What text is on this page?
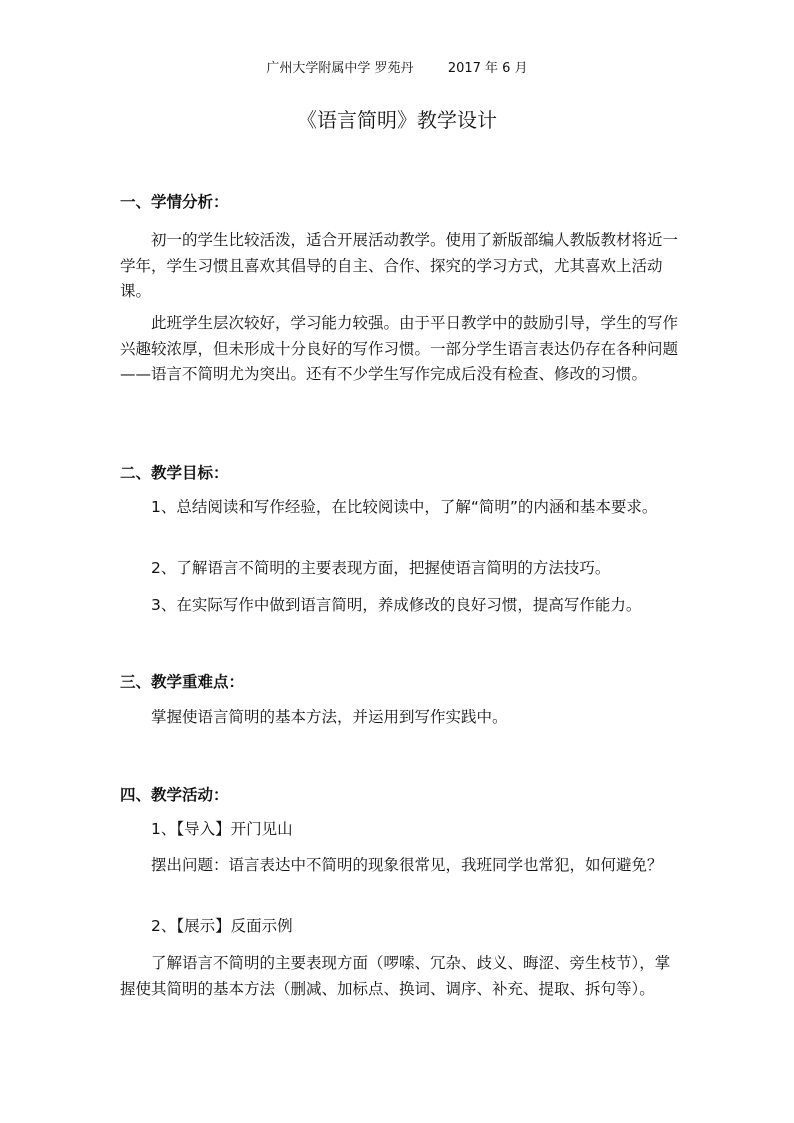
广州大学附属中学 罗苑丹	2017 年 6 月
《语言简明》教学设计
一、学情分析：
初一的学生比较活泼，适合开展活动教学。使用了新版部编人教版教材将近一学年，学生习惯且喜欢其倡导的自主、合作、探究的学习方式，尤其喜欢上活动课。
此班学生层次较好，学习能力较强。由于平日教学中的鼓励引导，学生的写作兴趣较浓厚，但未形成十分良好的写作习惯。一部分学生语言表达仍存在各种问题——语言不简明尤为突出。还有不少学生写作完成后没有检查、修改的习惯。
二、教学目标：
1、总结阅读和写作经验，在比较阅读中，了解“简明”的内涵和基本要求。
2、了解语言不简明的主要表现方面，把握使语言简明的方法技巧。
3、在实际写作中做到语言简明，养成修改的良好习惯，提高写作能力。
三、教学重难点：
掌握使语言简明的基本方法，并运用到写作实践中。
四、教学活动：
1、【导入】开门见山
摆出问题：语言表达中不简明的现象很常见，我班同学也常犯，如何避免？
2、【展示】反面示例
了解语言不简明的主要表现方面（啰嗦、冗杂、歧义、晦涩、旁生枝节），掌握使其简明的基本方法（删减、加标点、换词、调序、补充、提取、拆句等）。
